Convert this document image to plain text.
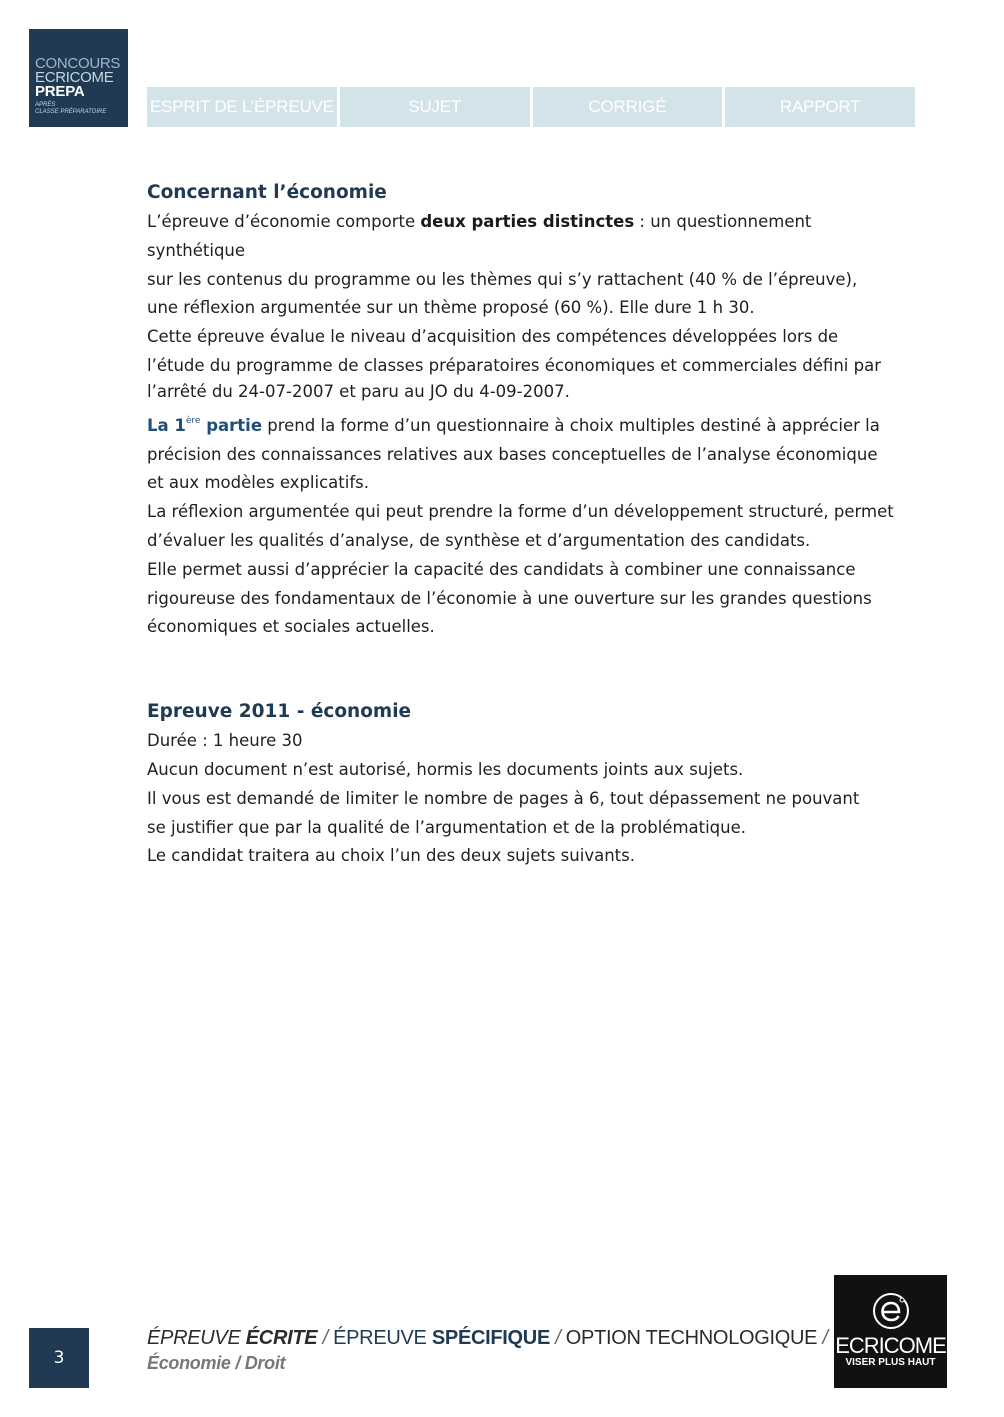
CONCOURS
ECRICOME
PREPA
APRÈS
CLASSE PRÉPARATOIRE	ESPRIT DE L’ÉPREUVE	SUJET	CORRIGÉ	RAPPORT
Concernant l’économie

L’épreuve d’économie comporte deux parties distinctes : un questionnement synthétique

sur les contenus du programme ou les thèmes qui s’y rattachent (40 % de l’épreuve),

une réflexion argumentée sur un thème proposé (60 %). Elle dure 1 h 30.

Cette épreuve évalue le niveau d’acquisition des compétences développées lors de

l’étude du programme de classes préparatoires économiques et commerciales défini par

l’arrêté du 24-07-2007 et paru au JO du 4-09-2007.

La 1ère partie prend la forme d’un questionnaire à choix multiples destiné à apprécier la

précision des connaissances relatives aux bases conceptuelles de l’analyse économique

et aux modèles explicatifs.

La réflexion argumentée qui peut prendre la forme d’un développement structuré, permet

d’évaluer les qualités d’analyse, de synthèse et d’argumentation des candidats.

Elle permet aussi d’apprécier la capacité des candidats à combiner une connaissance

rigoureuse des fondamentaux de l’économie à une ouverture sur les grandes questions

économiques et sociales actuelles.

Epreuve 2011 - économie

Durée : 1 heure 30

Aucun document n’est autorisé, hormis les documents joints aux sujets.

Il vous est demandé de limiter le nombre de pages à 6, tout dépassement ne pouvant

se justifier que par la qualité de l’argumentation et de la problématique.

Le candidat traitera au choix l’un des deux sujets suivants.

3
ÉPREUVE ÉCRITE / ÉPREUVE SPÉCIFIQUE / OPTION TECHNOLOGIQUE /
Économie / Droit
ECRICOME
VISER PLUS HAUT
